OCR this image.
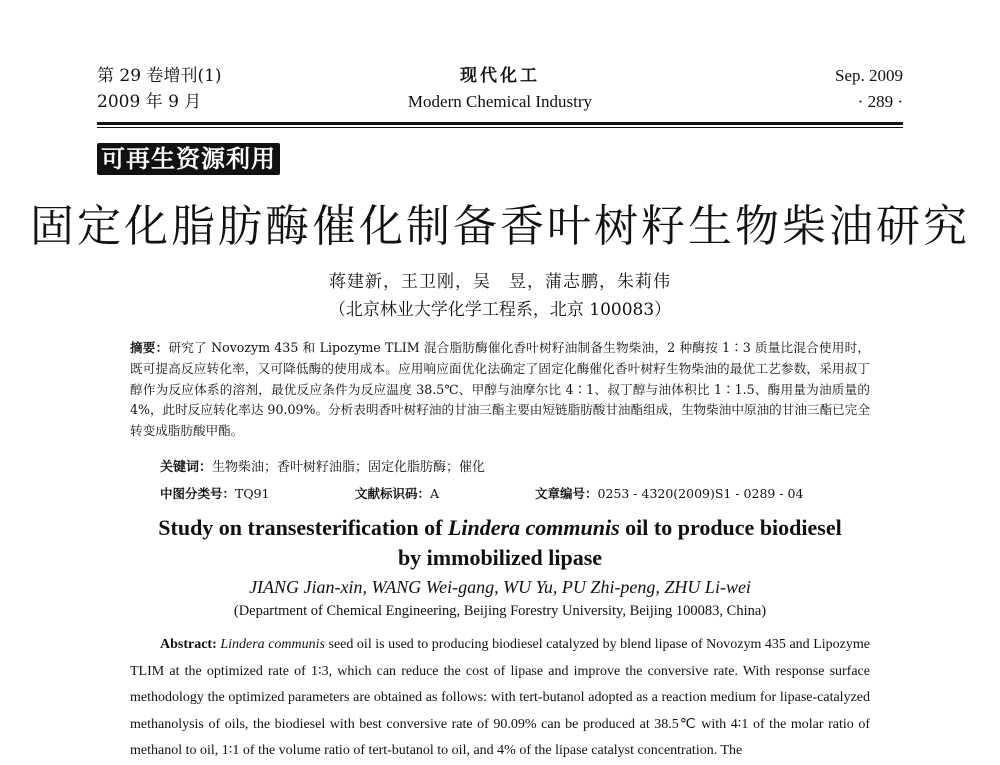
第 29 卷增刊(1)
2009 年 9 月
现代化工
Modern Chemical Industry
Sep. 2009
· 289 ·
可再生资源利用
固定化脂肪酶催化制备香叶树籽生物柴油研究
蒋建新，王卫刚，吴　昱，蒲志鹏，朱莉伟
（北京林业大学化学工程系，北京 100083）
摘要：研究了 Novozym 435 和 Lipozyme TLIM 混合脂肪酶催化香叶树籽油制备生物柴油，2 种酶按 1∶3 质量比混合使用时，既可提高反应转化率，又可降低酶的使用成本。应用响应面优化法确定了固定化酶催化香叶树籽生物柴油的最优工艺参数，采用叔丁醇作为反应体系的溶剂，最优反应条件为反应温度 38.5℃、甲醇与油摩尔比 4∶1、叔丁醇与油体积比 1∶1.5、酶用量为油质量的 4%，此时反应转化率达 90.09%。分析表明香叶树籽油的甘油三酯主要由短链脂肪酸甘油酯组成，生物柴油中原油的甘油三酯已完全转变成脂肪酸甲酯。
关键词：生物柴油；香叶树籽油脂；固定化脂肪酶；催化
中图分类号：TQ91	文献标识码：A	文章编号：0253 - 4320(2009)S1 - 0289 - 04
Study on transesterification of Lindera communis oil to produce biodiesel
by immobilized lipase
JIANG Jian-xin, WANG Wei-gang, WU Yu, PU Zhi-peng, ZHU Li-wei
(Department of Chemical Engineering, Beijing Forestry University, Beijing 100083, China)
Abstract: Lindera communis seed oil is used to producing biodiesel catalyzed by blend lipase of Novozym 435 and Lipozyme TLIM at the optimized rate of 1∶3, which can reduce the cost of lipase and improve the conversive rate. With response surface methodology the optimized parameters are obtained as follows: with tert-butanol adopted as a reaction medium for lipase-catalyzed methanolysis of oils, the biodiesel with best conversive rate of 90.09% can be produced at 38.5℃ with 4∶1 of the molar ratio of methanol to oil, 1∶1 of the volume ratio of tert-butanol to oil, and 4% of the lipase catalyst concentration. The
